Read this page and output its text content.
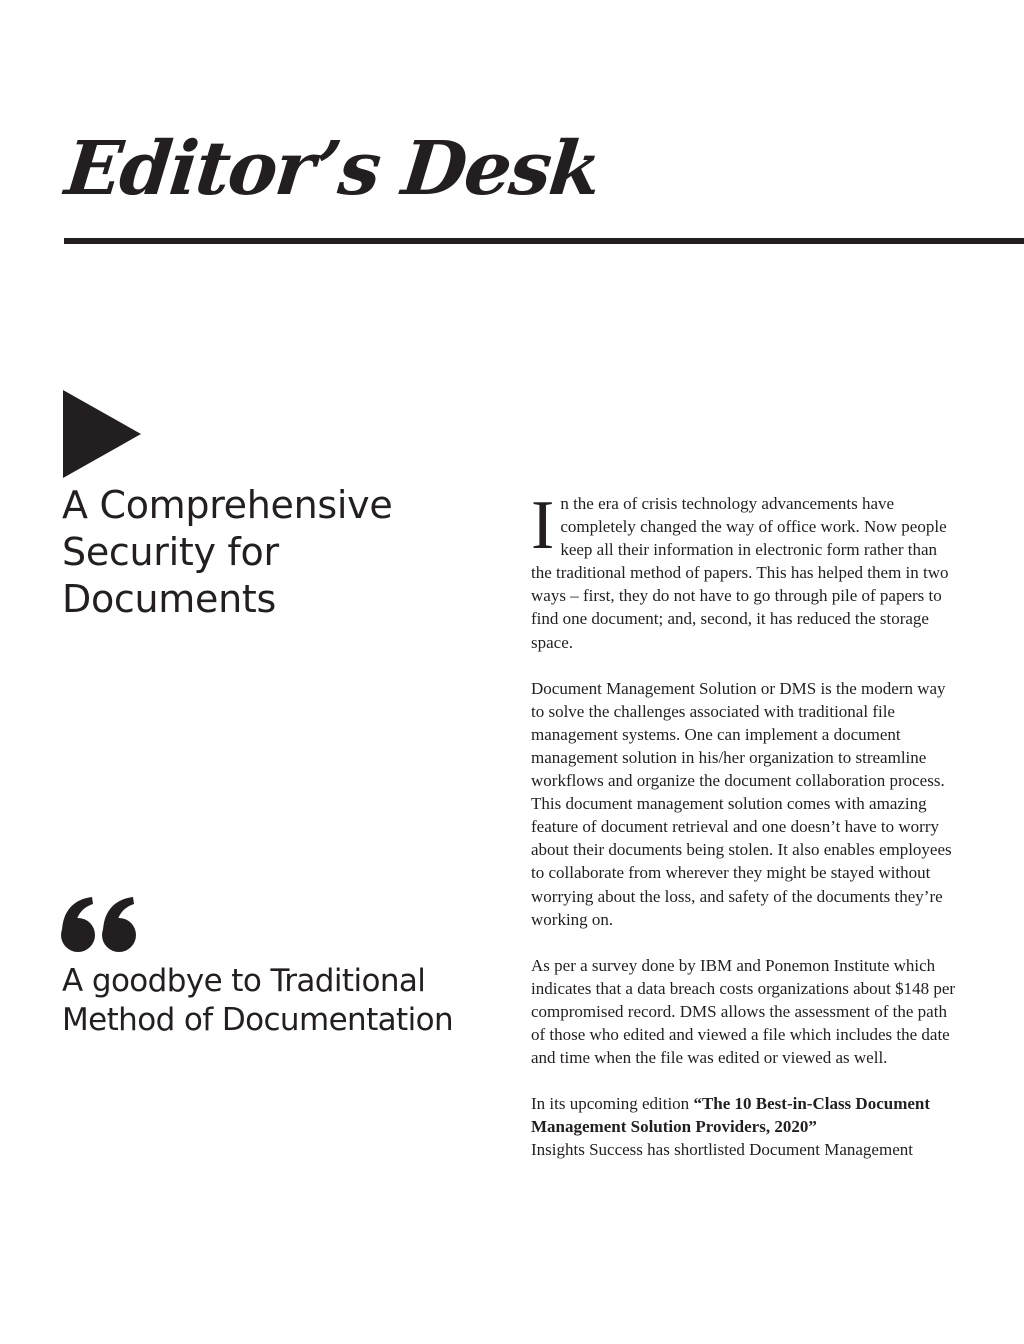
Editor’s Desk
A Comprehensive Security for Documents
A goodbye to Traditional Method of Documentation

In the era of crisis technology advancements have completely changed the way of office work. Now people keep all their information in electronic form rather than the traditional method of papers. This has helped them in two ways – first, they do not have to go through pile of papers to find one document; and, second, it has reduced the storage space.

Document Management Solution or DMS is the modern way to solve the challenges associated with traditional file management systems. One can implement a document management solution in his/her organization to streamline workflows and organize the document collaboration process. This document management solution comes with amazing feature of document retrieval and one doesn’t have to worry about their documents being stolen. It also enables employees to collaborate from wherever they might be stayed without worrying about the loss, and safety of the documents they’re working on.

As per a survey done by IBM and Ponemon Institute which indicates that a data breach costs organizations about $148 per compromised record. DMS allows the assessment of the path of those who edited and viewed a file which includes the date and time when the file was edited or viewed as well.

In its upcoming edition “The 10 Best-in-Class Document Management Solution Providers, 2020”
Insights Success has shortlisted Document Management
